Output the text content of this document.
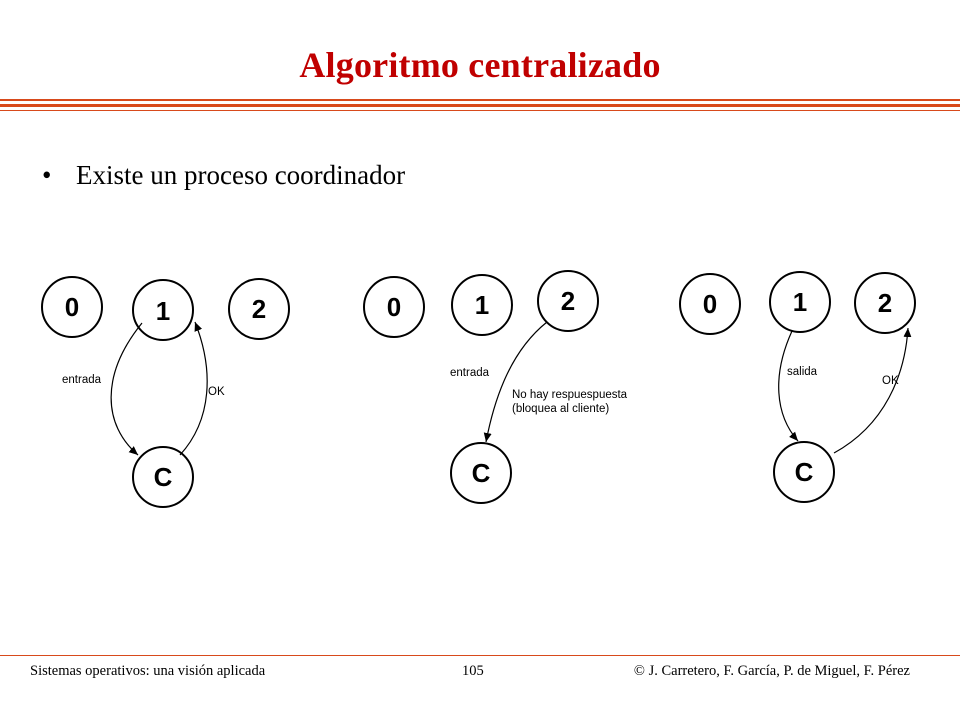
Algoritmo centralizado
• Existe un proceso coordinador
0	1	2
C
entrada
OK
0	1	2
C
entrada
No hay respuespuesta
(bloquea al cliente)
0	1	2
C
salida
OK
Sistemas operativos: una visión aplicada	105	© J. Carretero, F. García, P. de Miguel, F. Pérez
